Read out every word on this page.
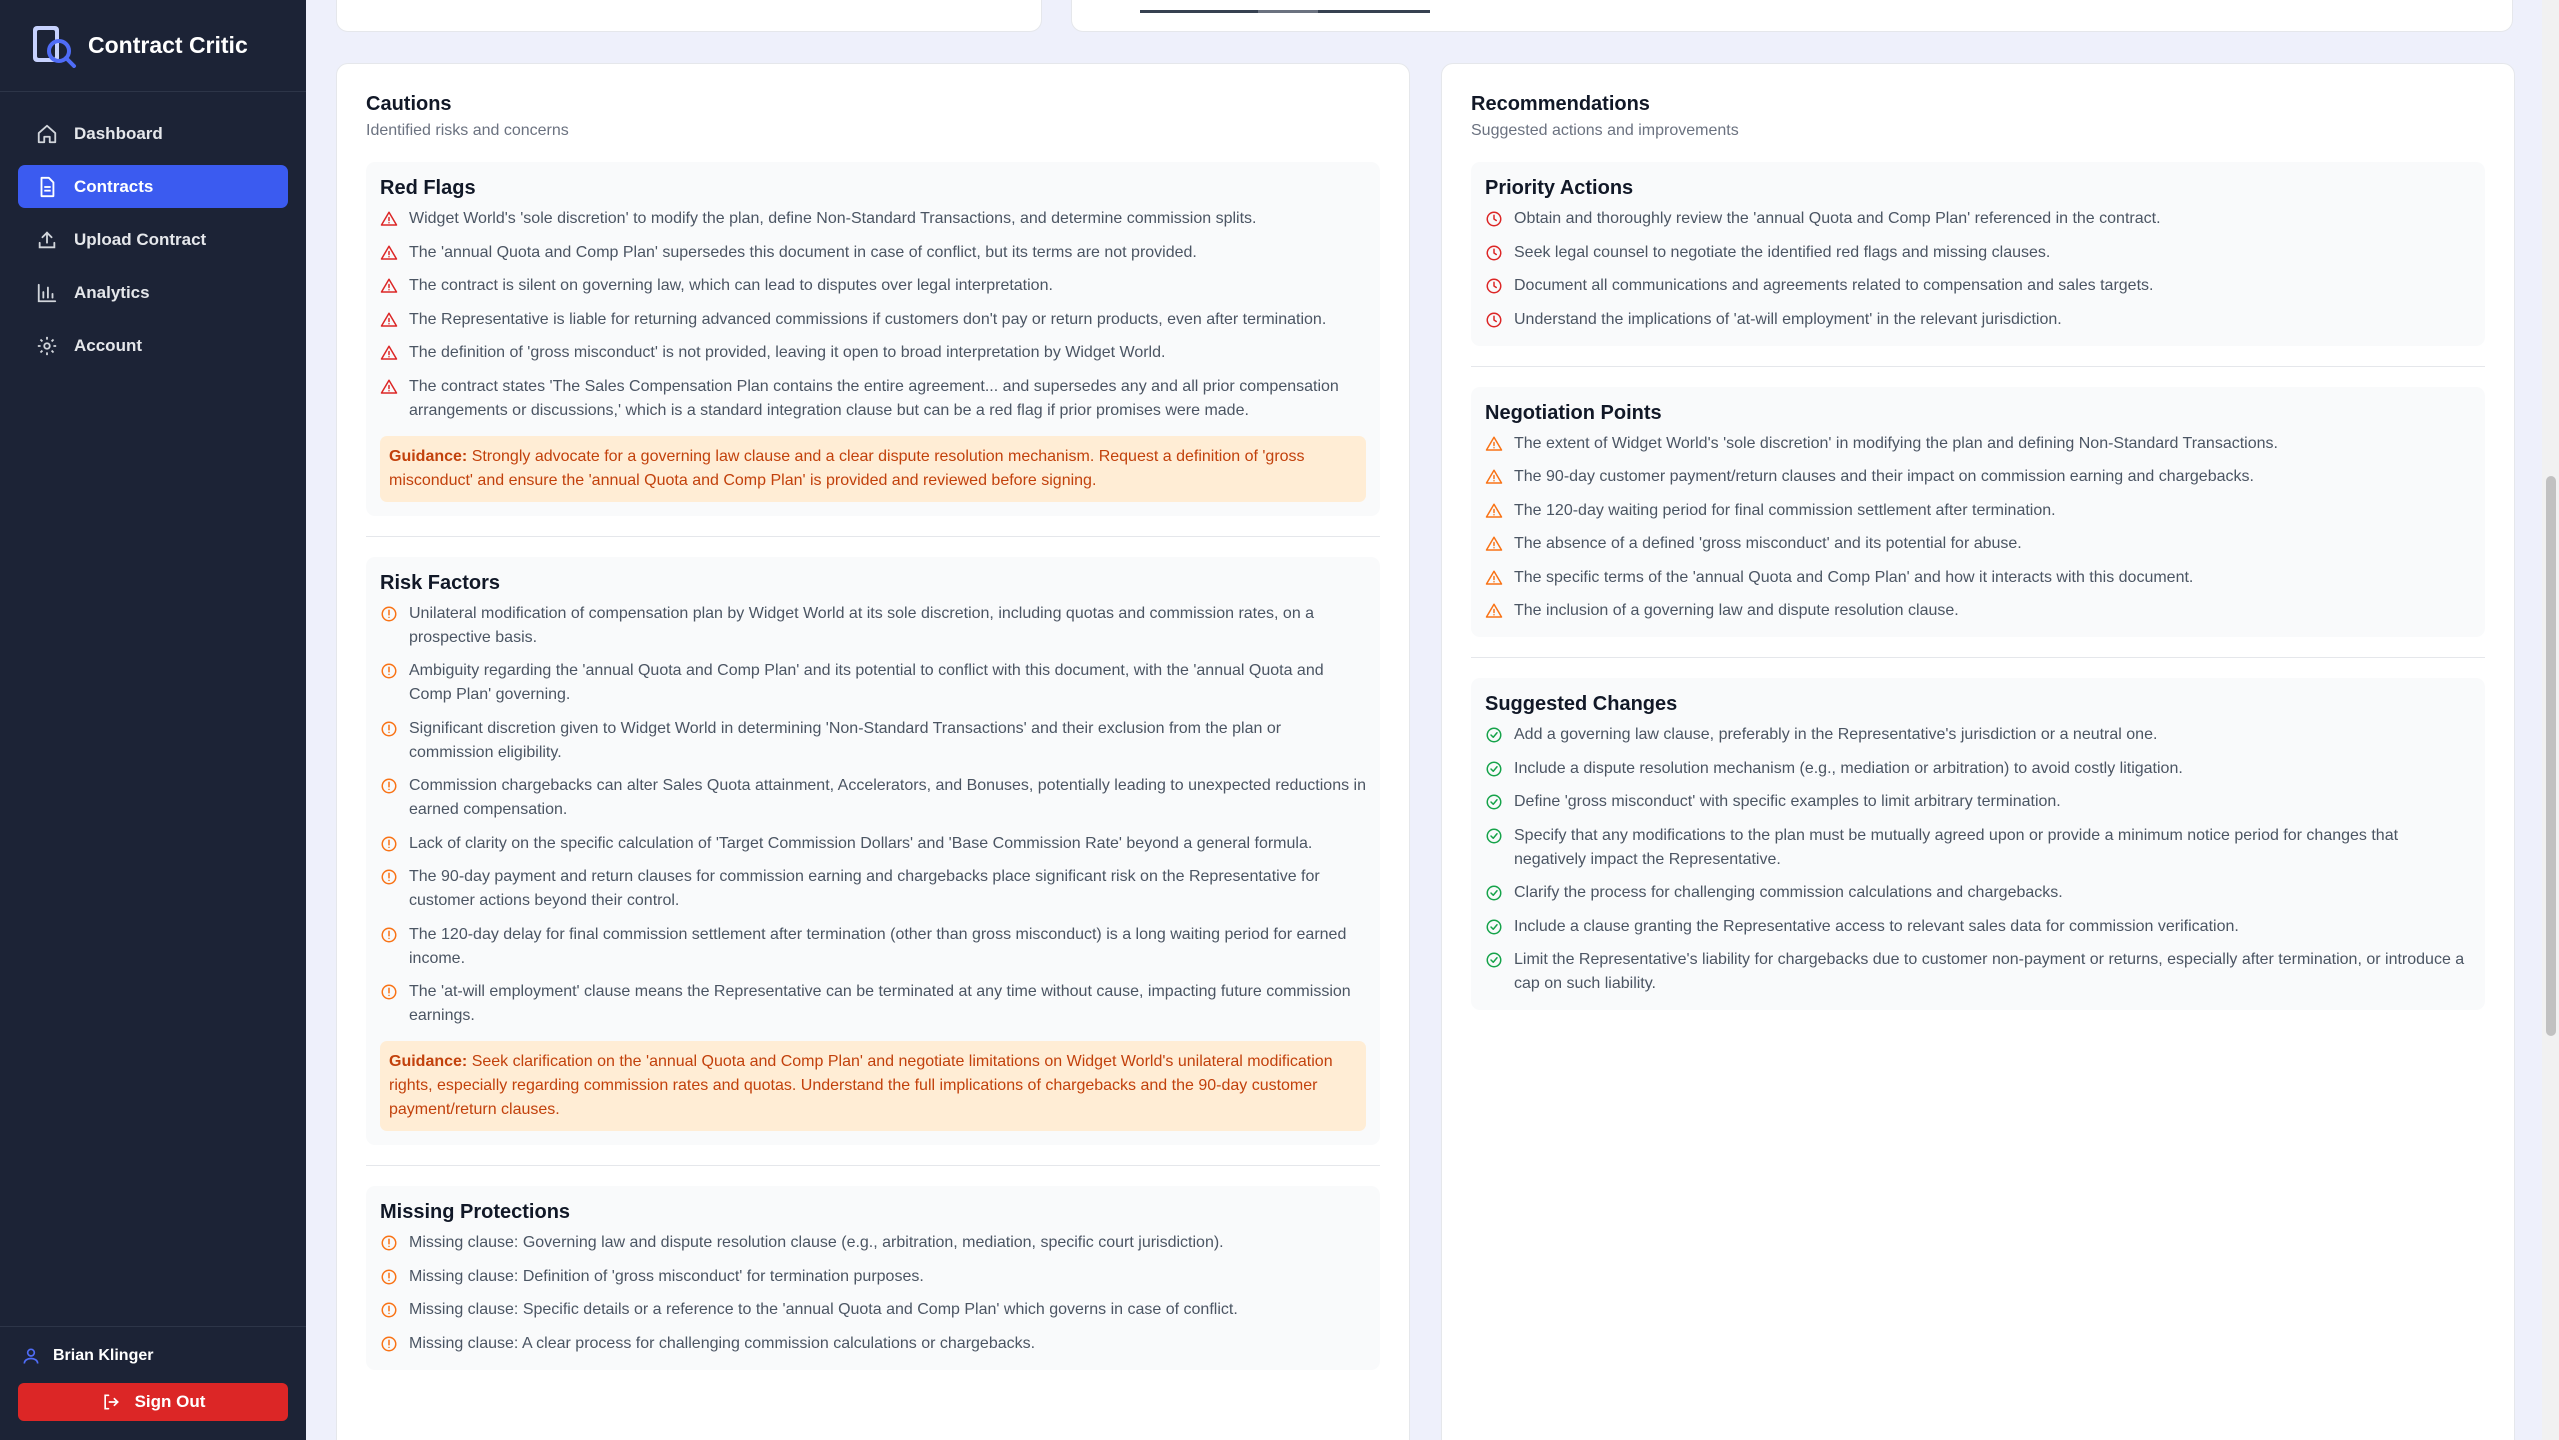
Contract Critic
Dashboard
Contracts
Upload Contract
Analytics
Account
Brian Klinger
Sign Out
Cautions
Identified risks and concerns
Red Flags
Widget World's 'sole discretion' to modify the plan, define Non-Standard Transactions, and determine commission splits.
The 'annual Quota and Comp Plan' supersedes this document in case of conflict, but its terms are not provided.
The contract is silent on governing law, which can lead to disputes over legal interpretation.
The Representative is liable for returning advanced commissions if customers don't pay or return products, even after termination.
The definition of 'gross misconduct' is not provided, leaving it open to broad interpretation by Widget World.
The contract states 'The Sales Compensation Plan contains the entire agreement... and supersedes any and all prior compensation arrangements or discussions,' which is a standard integration clause but can be a red flag if prior promises were made.
Guidance: Strongly advocate for a governing law clause and a clear dispute resolution mechanism. Request a definition of 'gross misconduct' and ensure the 'annual Quota and Comp Plan' is provided and reviewed before signing.
Risk Factors
Unilateral modification of compensation plan by Widget World at its sole discretion, including quotas and commission rates, on a prospective basis.
Ambiguity regarding the 'annual Quota and Comp Plan' and its potential to conflict with this document, with the 'annual Quota and Comp Plan' governing.
Significant discretion given to Widget World in determining 'Non-Standard Transactions' and their exclusion from the plan or commission eligibility.
Commission chargebacks can alter Sales Quota attainment, Accelerators, and Bonuses, potentially leading to unexpected reductions in earned compensation.
Lack of clarity on the specific calculation of 'Target Commission Dollars' and 'Base Commission Rate' beyond a general formula.
The 90-day payment and return clauses for commission earning and chargebacks place significant risk on the Representative for customer actions beyond their control.
The 120-day delay for final commission settlement after termination (other than gross misconduct) is a long waiting period for earned income.
The 'at-will employment' clause means the Representative can be terminated at any time without cause, impacting future commission earnings.
Guidance: Seek clarification on the 'annual Quota and Comp Plan' and negotiate limitations on Widget World's unilateral modification rights, especially regarding commission rates and quotas. Understand the full implications of chargebacks and the 90-day customer payment/return clauses.
Missing Protections
Missing clause: Governing law and dispute resolution clause (e.g., arbitration, mediation, specific court jurisdiction).
Missing clause: Definition of 'gross misconduct' for termination purposes.
Missing clause: Specific details or a reference to the 'annual Quota and Comp Plan' which governs in case of conflict.
Missing clause: A clear process for challenging commission calculations or chargebacks.
Recommendations
Suggested actions and improvements
Priority Actions
Obtain and thoroughly review the 'annual Quota and Comp Plan' referenced in the contract.
Seek legal counsel to negotiate the identified red flags and missing clauses.
Document all communications and agreements related to compensation and sales targets.
Understand the implications of 'at-will employment' in the relevant jurisdiction.
Negotiation Points
The extent of Widget World's 'sole discretion' in modifying the plan and defining Non-Standard Transactions.
The 90-day customer payment/return clauses and their impact on commission earning and chargebacks.
The 120-day waiting period for final commission settlement after termination.
The absence of a defined 'gross misconduct' and its potential for abuse.
The specific terms of the 'annual Quota and Comp Plan' and how it interacts with this document.
The inclusion of a governing law and dispute resolution clause.
Suggested Changes
Add a governing law clause, preferably in the Representative's jurisdiction or a neutral one.
Include a dispute resolution mechanism (e.g., mediation or arbitration) to avoid costly litigation.
Define 'gross misconduct' with specific examples to limit arbitrary termination.
Specify that any modifications to the plan must be mutually agreed upon or provide a minimum notice period for changes that negatively impact the Representative.
Clarify the process for challenging commission calculations and chargebacks.
Include a clause granting the Representative access to relevant sales data for commission verification.
Limit the Representative's liability for chargebacks due to customer non-payment or returns, especially after termination, or introduce a cap on such liability.
